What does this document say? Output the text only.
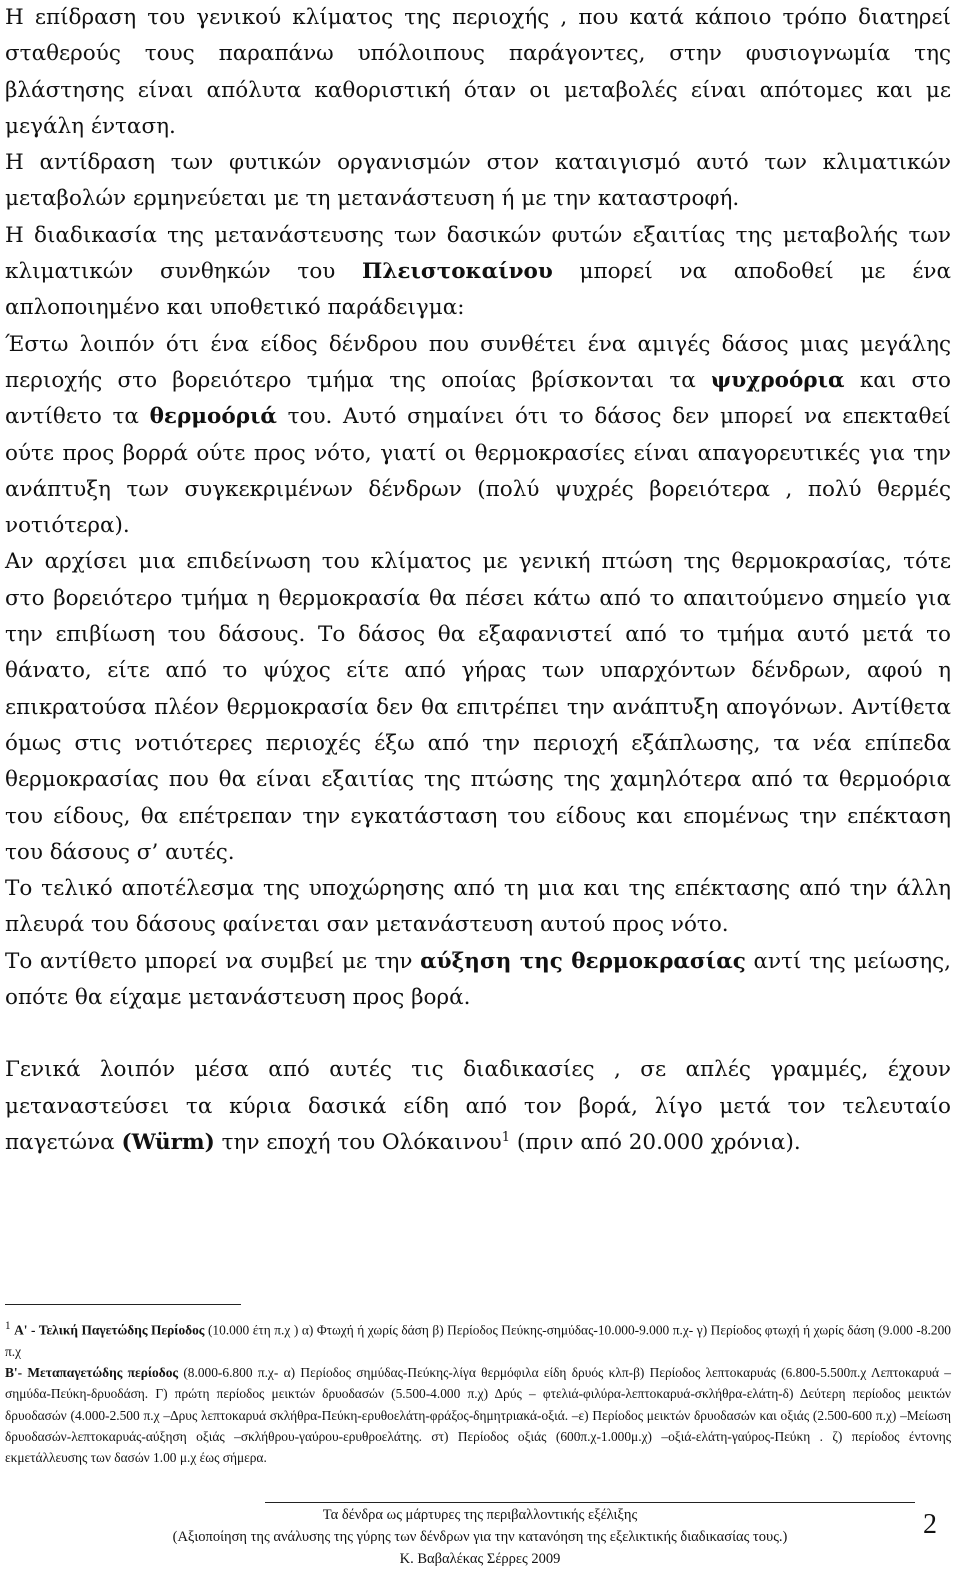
Η επίδραση του γενικού κλίματος της περιοχής , που κατά κάποιο τρόπο διατηρεί σταθερούς τους παραπάνω υπόλοιπους παράγοντες, στην φυσιογνωμία της βλάστησης είναι απόλυτα καθοριστική όταν οι μεταβολές είναι απότομες και με μεγάλη ένταση.

Η αντίδραση των φυτικών οργανισμών στον καταιγισμό αυτό των κλιματικών μεταβολών ερμηνεύεται με τη μετανάστευση ή με την καταστροφή.

Η διαδικασία της μετανάστευσης των δασικών φυτών εξαιτίας της μεταβολής των κλιματικών συνθηκών του Πλειστοκαίνου μπορεί να αποδοθεί με ένα απλοποιημένο και υποθετικό παράδειγμα:

Έστω λοιπόν ότι ένα είδος δένδρου που συνθέτει ένα αμιγές δάσος μιας μεγάλης περιοχής στο βορειότερο τμήμα της οποίας βρίσκονται τα ψυχροόρια και στο αντίθετο τα θερμοόριά του. Αυτό σημαίνει ότι το δάσος δεν μπορεί να επεκταθεί ούτε προς βορρά ούτε προς νότο, γιατί οι θερμοκρασίες είναι απαγορευτικές για την ανάπτυξη των συγκεκριμένων δένδρων (πολύ ψυχρές βορειότερα , πολύ θερμές νοτιότερα).

Αν αρχίσει μια επιδείνωση του κλίματος με γενική πτώση της θερμοκρασίας, τότε στο βορειότερο τμήμα η θερμοκρασία θα πέσει κάτω από το απαιτούμενο σημείο για την επιβίωση του δάσους. Το δάσος θα εξαφανιστεί από το τμήμα αυτό μετά το θάνατο, είτε από το ψύχος είτε από γήρας των υπαρχόντων δένδρων, αφού η επικρατούσα πλέον θερμοκρασία δεν θα επιτρέπει την ανάπτυξη απογόνων. Αντίθετα όμως στις νοτιότερες περιοχές έξω από την περιοχή εξάπλωσης, τα νέα επίπεδα θερμοκρασίας που θα είναι εξαιτίας της πτώσης της χαμηλότερα από τα θερμοόρια του είδους, θα επέτρεπαν την εγκατάσταση του είδους και επομένως την επέκταση του δάσους σ’ αυτές.

Το τελικό αποτέλεσμα της υποχώρησης από τη μια και της επέκτασης από την άλλη πλευρά του δάσους φαίνεται σαν μετανάστευση αυτού προς νότο.

Το αντίθετο μπορεί να συμβεί με την αύξηση της θερμοκρασίας αντί της μείωσης, οπότε θα είχαμε μετανάστευση προς βορά.

Γενικά λοιπόν μέσα από αυτές τις διαδικασίες , σε απλές γραμμές, έχουν μεταναστεύσει τα κύρια δασικά είδη από τον βορά, λίγο μετά τον τελευταίο παγετώνα (Würm) την εποχή του Ολόκαινου$^1$ (πριν από 20.000 χρόνια).

$^1$ Α' - Τελική Παγετώδης Περίοδος (10.000 έτη π.χ ) α) Φτωχή ή χωρίς δάση β) Περίοδος Πεύκης-σημύδας-10.000-9.000 π.χ- γ) Περίοδος φτωχή ή χωρίς δάση (9.000 -8.200 π.χ
Β'- Μεταπαγετώδης περίοδος (8.000-6.800 π.χ- α) Περίοδος σημύδας-Πεύκης-λίγα θερμόφιλα είδη δρυός κλπ-β) Περίοδος λεπτοκαρυάς (6.800-5.500π.χ Λεπτοκαρυά –σημύδα-Πεύκη-δρυοδάση. Γ) πρώτη περίοδος μεικτών δρυοδασών (5.500-4.000 π.χ) Δρύς – φτελιά-φιλύρα-λεπτοκαρυά-σκλήθρα-ελάτη-δ) Δεύτερη περίοδος μεικτών δρυοδασών (4.000-2.500 π.χ –Δρυς λεπτοκαρυά σκλήθρα-Πεύκη-ερυθοελάτη-φράξος-δημητριακά-οξιά. –ε) Περίοδος μεικτών δρυοδασών και οξιάς (2.500-600 π.χ) –Μείωση δρυοδασών-λεπτοκαρυάς-αύξηση οξιάς –σκλήθρου-γαύρου-ερυθροελάτης. στ) Περίοδος οξιάς (600π.χ-1.000μ.χ) –οξιά-ελάτη-γαύρος-Πεύκη . ζ) περίοδος έντονης εκμετάλλευσης των δασών 1.00 μ.χ έως σήμερα.

Τα δένδρα ως μάρτυρες της περιβαλλοντικής εξέλιξης
(Αξιοποίηση της ανάλυσης της γύρης των δένδρων για την κατανόηση της εξελικτικής διαδικασίας τους.)
Κ. Βαβαλέκας Σέρρες 2009
2
